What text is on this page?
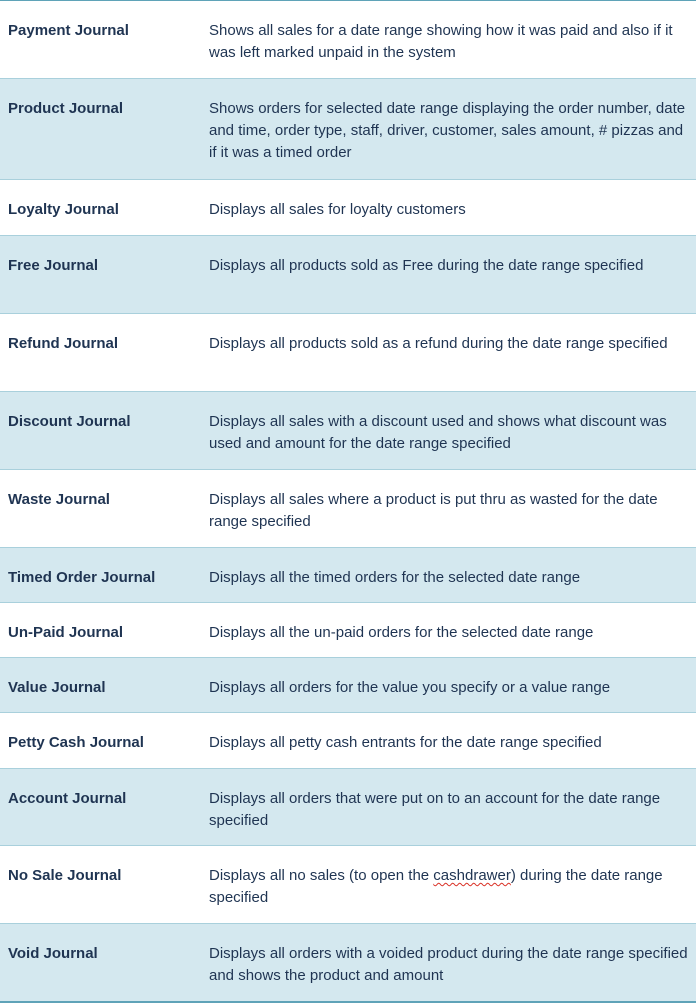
Payment Journal	Shows all sales for a date range showing how it was paid and also if it was left marked unpaid in the system
Product Journal	Shows orders for selected date range displaying the order number, date and time, order type, staff, driver, customer, sales amount, # pizzas and if it was a timed order
Loyalty Journal	Displays all sales for loyalty customers
Free Journal	Displays all products sold as Free during the date range specified
Refund Journal	Displays all products sold as a refund during the date range specified
Discount Journal	Displays all sales with a discount used and shows what discount was used and amount for the date range specified
Waste Journal	Displays all sales where a product is put thru as wasted for the date range specified
Timed Order Journal	Displays all the timed orders for the selected date range
Un-Paid Journal	Displays all the un-paid orders for the selected date range
Value Journal	Displays all orders for the value you specify or a value range
Petty Cash Journal	Displays all petty cash entrants for the date range specified
Account Journal	Displays all orders that were put on to an account for the date range specified
No Sale Journal	Displays all no sales (to open the cashdrawer) during the date range specified
Void Journal	Displays all orders with a voided product during the date range specified and shows the product and amount
